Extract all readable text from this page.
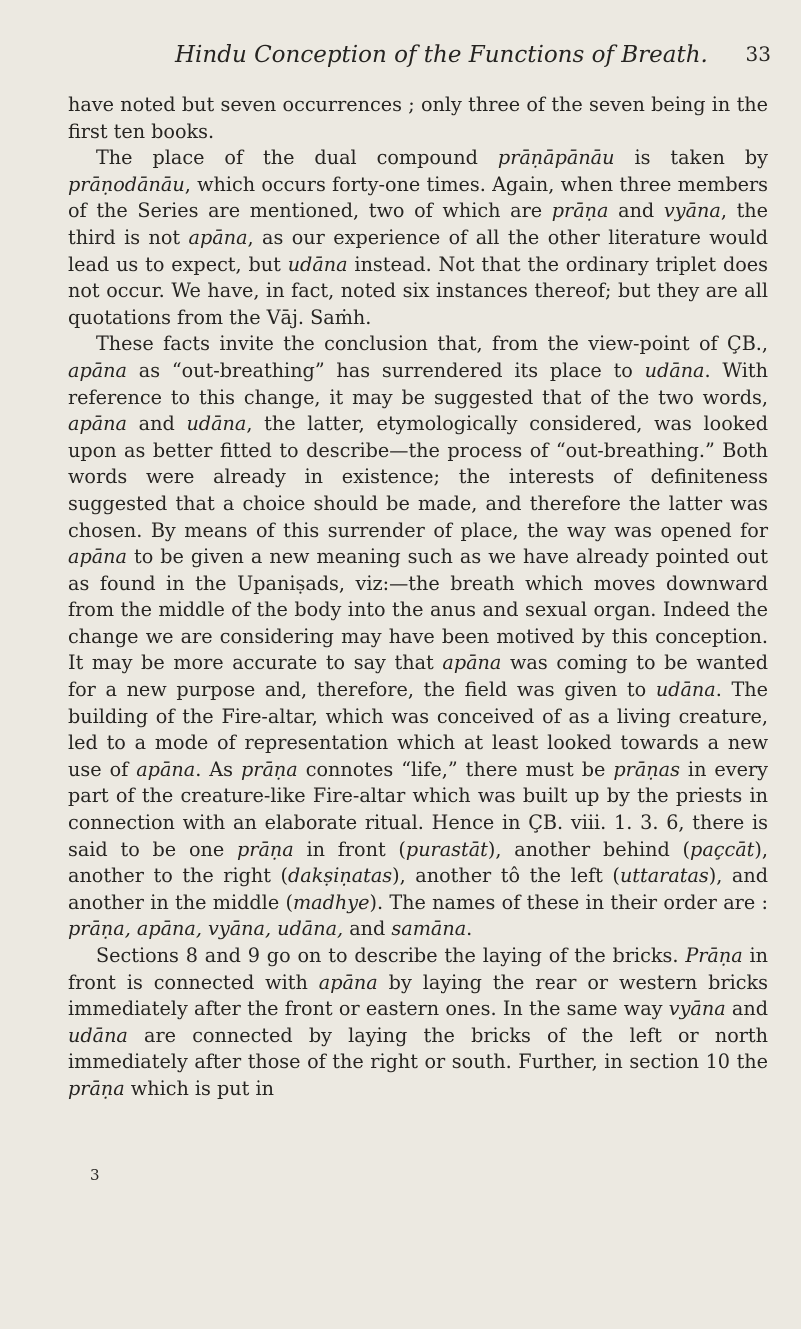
Hindu Conception of the Functions of Breath. 33

have noted but seven occurrences ; only three of the seven being in the first ten books.

The place of the dual compound prāṇāpānāu is taken by prāṇodānāu, which occurs forty-one times. Again, when three members of the Series are mentioned, two of which are prāṇa and vyāna, the third is not apāna, as our experience of all the other literature would lead us to expect, but udāna instead. Not that the ordinary triplet does not occur. We have, in fact, noted six instances thereof; but they are all quotations from the Vāj. Saṁh.

These facts invite the conclusion that, from the view-point of ÇB., apāna as “out-breathing” has surrendered its place to udāna. With reference to this change, it may be suggested that of the two words, apāna and udāna, the latter, etymologically considered, was looked upon as better fitted to describe—the process of “out-breathing.” Both words were already in existence; the interests of definiteness suggested that a choice should be made, and therefore the latter was chosen. By means of this surrender of place, the way was opened for apāna to be given a new meaning such as we have already pointed out as found in the Upaniṣads, viz:—the breath which moves downward from the middle of the body into the anus and sexual organ. Indeed the change we are considering may have been motived by this conception. It may be more accurate to say that apāna was coming to be wanted for a new purpose and, therefore, the field was given to udāna. The building of the Fire-altar, which was conceived of as a living creature, led to a mode of representation which at least looked towards a new use of apāna. As prāṇa connotes “life,” there must be prāṇas in every part of the creature-like Fire-altar which was built up by the priests in connection with an elaborate ritual. Hence in ÇB. viii. 1. 3. 6, there is said to be one prāṇa in front (purastāt), another behind (paçcāt), another to the right (dakṣiṇatas), another tô the left (uttaratas), and another in the middle (madhye). The names of these in their order are : prāṇa, apāna, vyāna, udāna, and samāna.

Sections 8 and 9 go on to describe the laying of the bricks. Prāṇa in front is connected with apāna by laying the rear or western bricks immediately after the front or eastern ones. In the same way vyāna and udāna are connected by laying the bricks of the left or north immediately after those of the right or south. Further, in section 10 the prāṇa which is put in

3
